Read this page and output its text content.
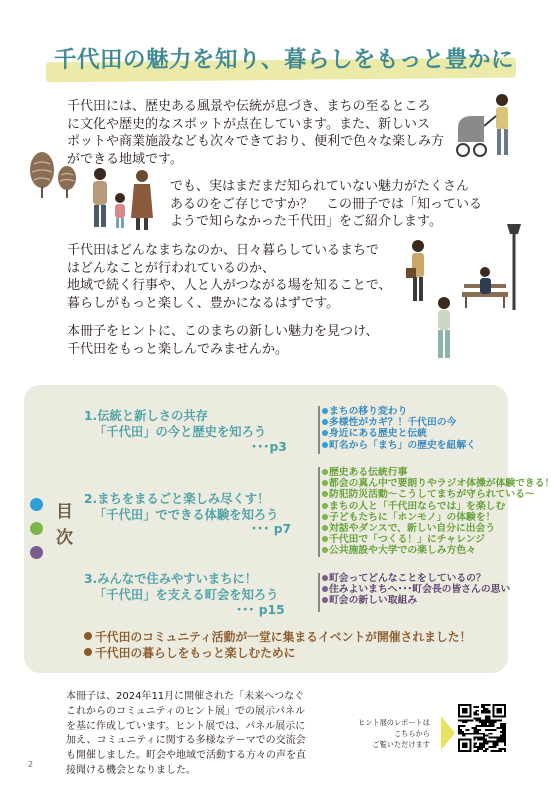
千代田の魅力を知り、暮らしをもっと豊かに

千代田には、歴史ある風景や伝統が息づき、まちの至るところ
に文化や歴史的なスポットが点在しています。また、新しいス
ポットや商業施設なども次々できており、便利で色々な楽しみ方
ができる地域です。

でも、実はまだまだ知られていない魅力がたくさん
あるのをご存じですか？　この冊子では「知っている
ようで知らなかった千代田」をご紹介します。

千代田はどんなまちなのか、日々暮らしているまちで
はどんなことが行われているのか、
地域で続く行事や、人と人がつながる場を知ることで、
暮らしがもっと楽しく、豊かになるはずです。

本冊子をヒントに、このまちの新しい魅力を見つけ、
千代田をもっと楽しんでみませんか。

目
次
1.伝統と新しさの共存
「千代田」の今と歴史を知ろう
･･･p3
まちの移り変わり
多様性がカギ？！千代田の今
身近にある歴史と伝統
町名から「まち」の歴史を紐解く
2.まちをまるごと楽しみ尽くす！
「千代田」でできる体験を知ろう
･･･ p7
歴史ある伝統行事
都会の真ん中で要朗りやラジオ体操が体験できる！
防犯防災活動〜こうしてまちが守られている〜
まちの人と「千代田ならでは」を楽しむ
子どもたちに「ホンモノ」の体験を！
対話やダンスで、新しい自分に出会う
千代田で「つくる！」にチャレンジ
公共施設や大学での楽しみ方色々
3.みんなで住みやすいまちに！
「千代田」を支える町会を知ろう
･･･ p15
町会ってどんなことをしているの？
住みよいまちへ･･･町会長の皆さんの思い
町会の新しい取組み
千代田のコミュニティ活動が一堂に集まるイベントが開催されました！
千代田の暮らしをもっと楽しむために

本冊子は、2024年11月に開催された「未来へつなぐ
これからのコミュニティのヒント展」での展示パネル
を基に作成しています。ヒント展では、パネル展示に
加え、コミュニティに関する多様なテーマでの交流会
も開催しました。町会や地域で活動する方々の声を直
接聞ける機会となりました。

2
ヒント展のレポートは
こちらから
ご覧いただけます
